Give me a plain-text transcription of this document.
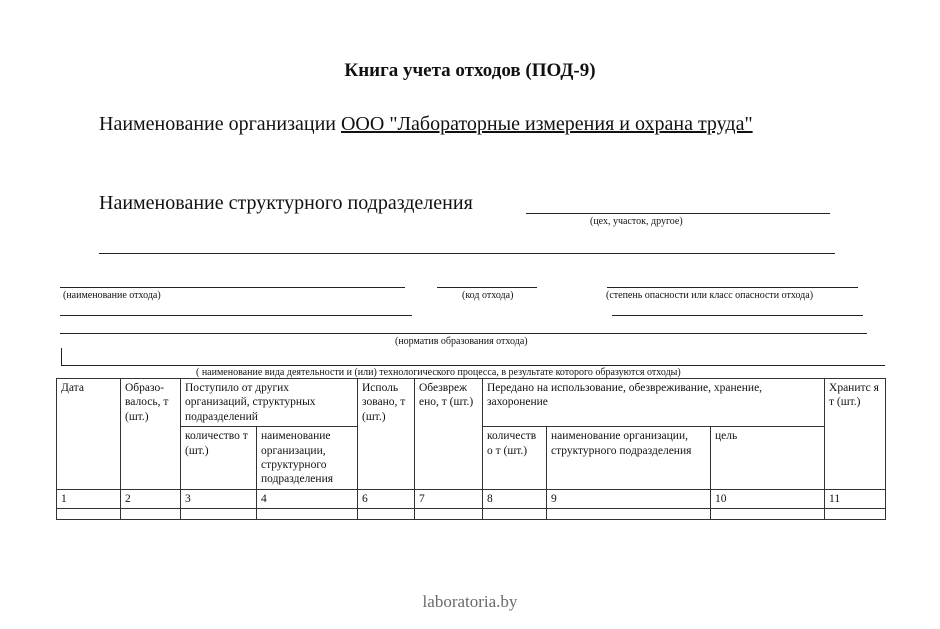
Книга учета отходов (ПОД-9)
Наименование организации ООО "Лабораторные измерения и охрана труда"
Наименование структурного подразделения
(цех, участок, другое)
(наименование отхода)	(код отхода)	(степень опасности или класс опасности отхода)
(норматив образования отхода)
( наименование вида деятельности и (или) технологического процесса, в результате которого образуются отходы)
Дата	Образо-валось, т (шт.)	Поступило от других организаций, структурных подразделений		Исполь зовано, т (шт.)	Обезвреж ено, т (шт.)	Передано на использование, обезвреживание, хранение, захоронение			Хранитс я т (шт.)
		количество т (шт.)	наименование организации, структурного подразделения			количеств о т (шт.)	наименование организации, структурного подразделения	цель	
1	2	3	4	6	7	8	9	10	11

laboratoria.by
